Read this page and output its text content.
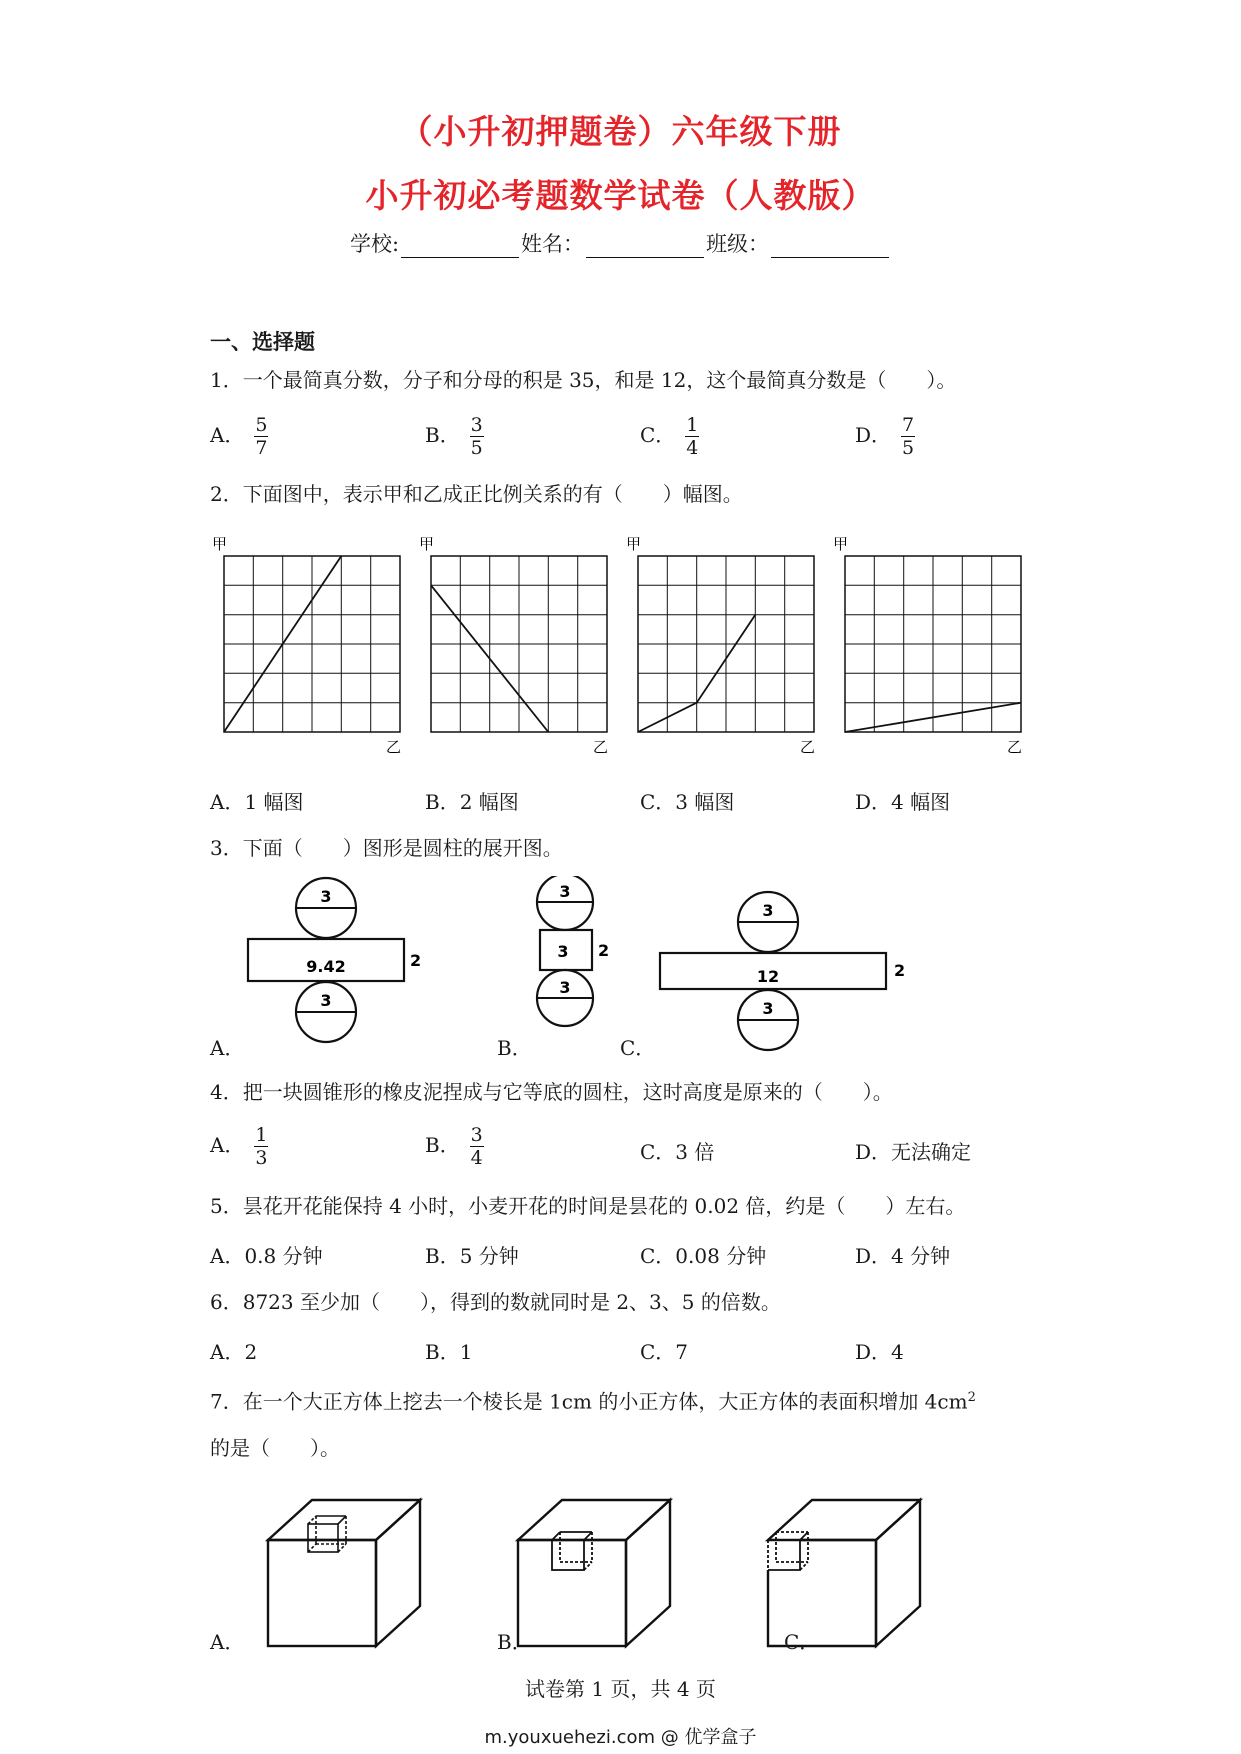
（小升初押题卷）六年级下册
小升初必考题数学试卷（人教版）
学校:	姓名：	班级：
一、选择题
1．一个最简真分数，分子和分母的积是 35，和是 12，这个最简真分数是（　　）。
A． $\frac{5}{7}$	B． $\frac{3}{5}$	C． $\frac{1}{4}$	D． $\frac{7}{5}$
2．下面图中，表示甲和乙成正比例关系的有（　　）幅图。
甲
乙
甲
乙
甲
乙
甲
乙
A．1 幅图	B．2 幅图	C．3 幅图	D．4 幅图
3．下面（　　）图形是圆柱的展开图。
3
9.42	2
3
3
3 2
3
3
12	2
3
A．	B．	C．
4．把一块圆锥形的橡皮泥捏成与它等底的圆柱，这时高度是原来的（　　）。
A． $\frac{1}{3}$	B． $\frac{3}{4}$	C．3 倍	D．无法确定
5．昙花开花能保持 4 小时，小麦开花的时间是昙花的 0.02 倍，约是（　　）左右。
A．0.8 分钟	B．5 分钟	C．0.08 分钟	D．4 分钟
6．8723 至少加（　　），得到的数就同时是 2、3、5 的倍数。
A．2	B．1	C．7	D．4
7．在一个大正方体上挖去一个棱长是 1cm 的小正方体，大正方体的表面积增加 $4cm^2$
的是（　　）。
A．	B．	C．
试卷第 1 页，共 4 页
m.youxuehezi.com @ 优学盒子
